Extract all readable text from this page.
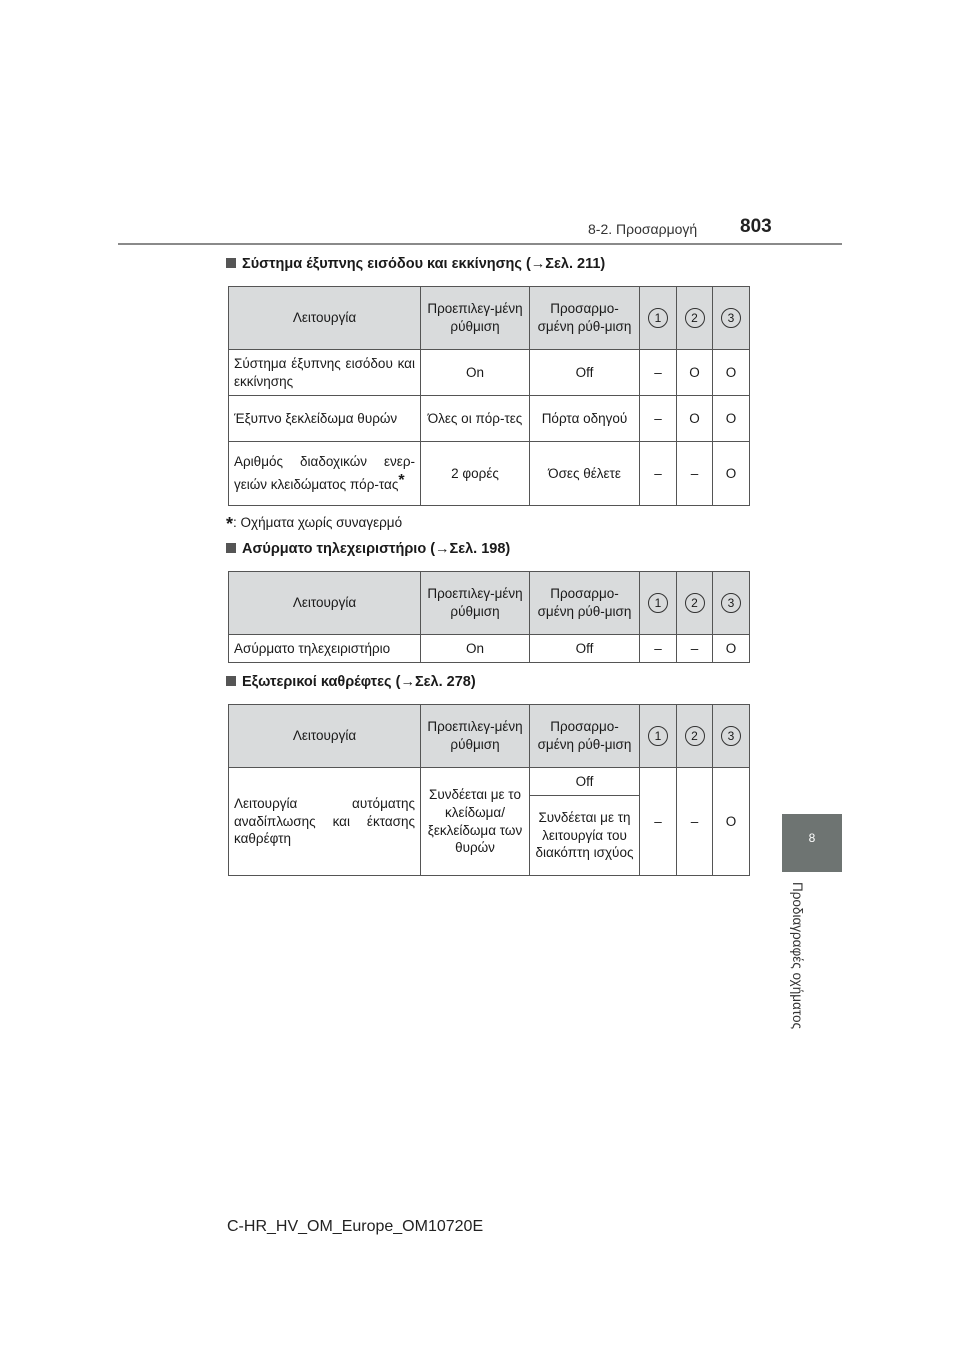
8-2. Προσαρμογή 803
8
Προδιαγραφές οχήματος
Σύστημα έξυπνης εισόδου και εκκίνησης (→Σελ. 211)
Λειτουργία	Προεπιλεγ-μένη ρύθμιση	Προσαρμο-σμένη ρύθ-μιση	1	2	3
Σύστημα έξυπνης εισόδου και εκκίνησης	On	Off	–	O	O
Έξυπνο ξεκλείδωμα θυρών	Όλες οι πόρ-τες	Πόρτα οδηγού	–	O	O
Αριθμός διαδοχικών ενερ-γειών κλειδώματος πόρ-τας*	2 φορές	Όσες θέλετε	–	–	O
*: Οχήματα χωρίς συναγερμό
Ασύρματο τηλεχειριστήριο (→Σελ. 198)
Λειτουργία	Προεπιλεγ-μένη ρύθμιση	Προσαρμο-σμένη ρύθ-μιση	1	2	3
Ασύρματο τηλεχειριστήριο	On	Off	–	–	O
Εξωτερικοί καθρέφτες (→Σελ. 278)
Λειτουργία	Προεπιλεγ-μένη ρύθμιση	Προσαρμο-σμένη ρύθ-μιση	1	2	3
Λειτουργία αυτόματης αναδίπλωσης και έκτασης καθρέφτη	Συνδέεται με το κλείδωμα/ ξεκλείδωμα των θυρών	Off	–	–	O
		Συνδέεται με τη λειτουργία του διακόπτη ισχύος			
C-HR_HV_OM_Europe_OM10720E
